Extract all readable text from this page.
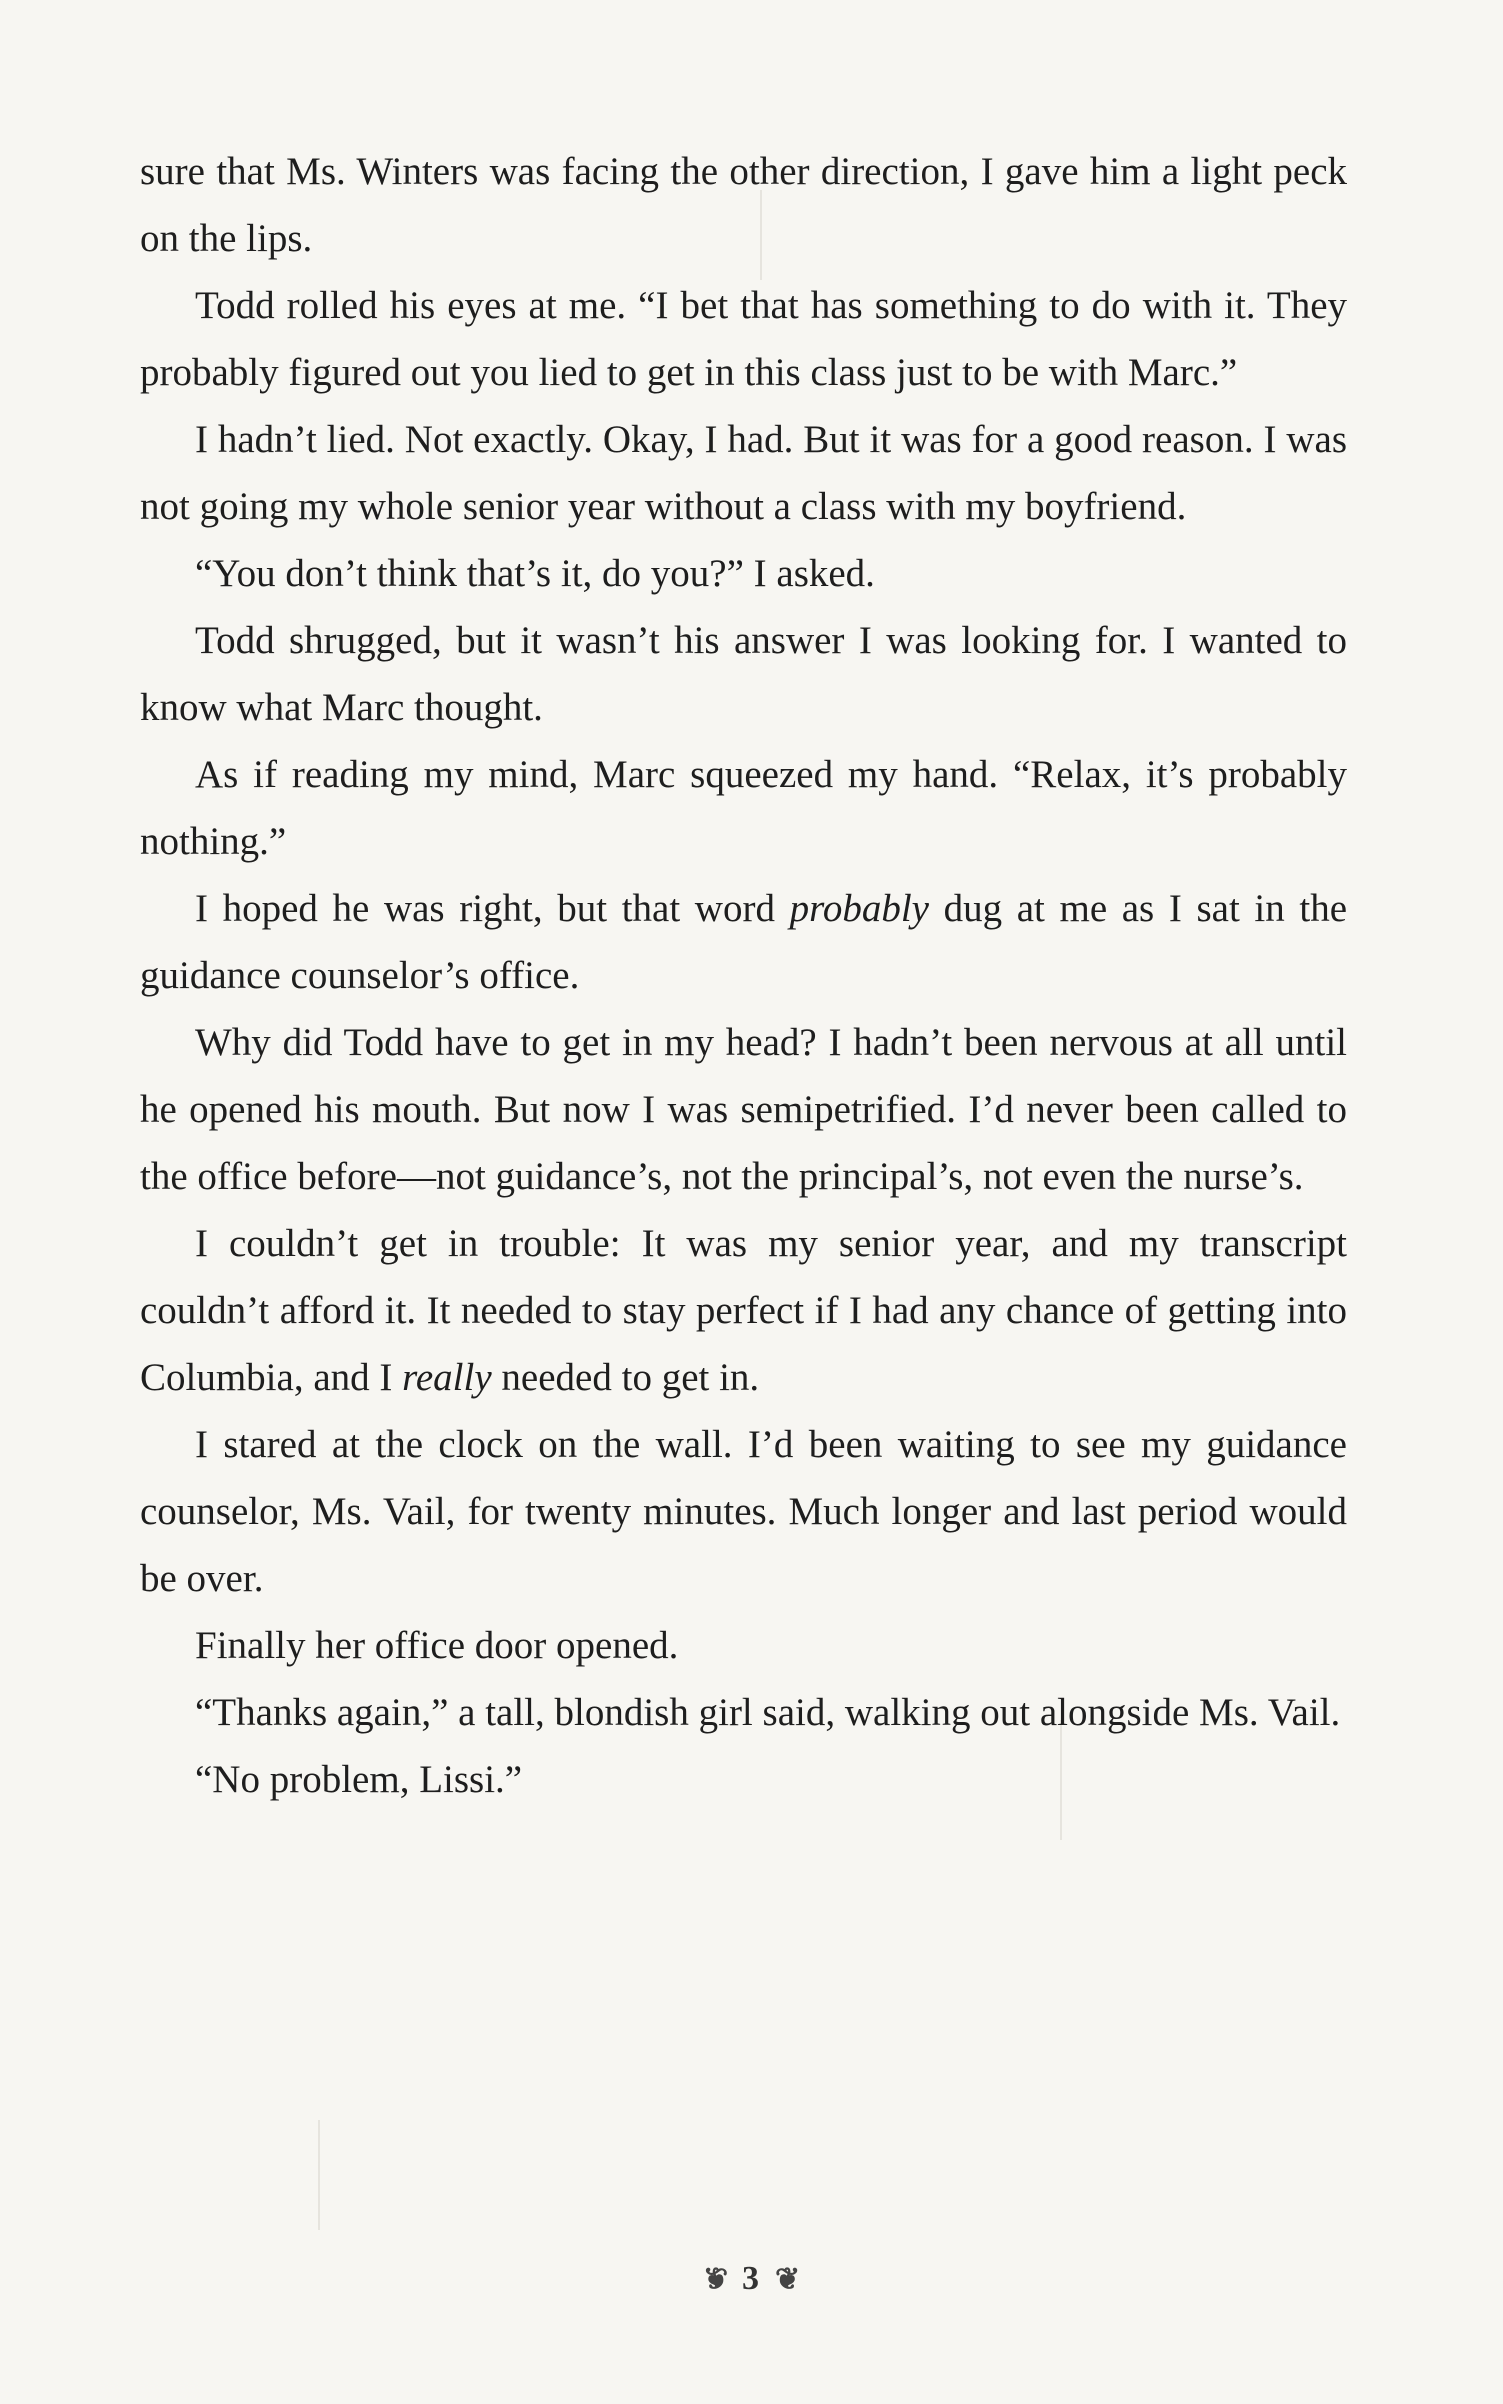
sure that Ms. Winters was facing the other direction, I gave him a light peck on the lips.

Todd rolled his eyes at me. “I bet that has something to do with it. They probably figured out you lied to get in this class just to be with Marc.”

I hadn’t lied. Not exactly. Okay, I had. But it was for a good reason. I was not going my whole senior year without a class with my boyfriend.

“You don’t think that’s it, do you?” I asked.

Todd shrugged, but it wasn’t his answer I was looking for. I wanted to know what Marc thought.

As if reading my mind, Marc squeezed my hand. “Relax, it’s probably nothing.”

I hoped he was right, but that word probably dug at me as I sat in the guidance counselor’s office.

Why did Todd have to get in my head? I hadn’t been nervous at all until he opened his mouth. But now I was semipetrified. I’d never been called to the office before—not guidance’s, not the principal’s, not even the nurse’s.

I couldn’t get in trouble: It was my senior year, and my transcript couldn’t afford it. It needed to stay perfect if I had any chance of getting into Columbia, and I really needed to get in.

I stared at the clock on the wall. I’d been waiting to see my guidance counselor, Ms. Vail, for twenty minutes. Much longer and last period would be over.

Finally her office door opened.

“Thanks again,” a tall, blondish girl said, walking out alongside Ms. Vail.

“No problem, Lissi.”

❦ 3 ❦
